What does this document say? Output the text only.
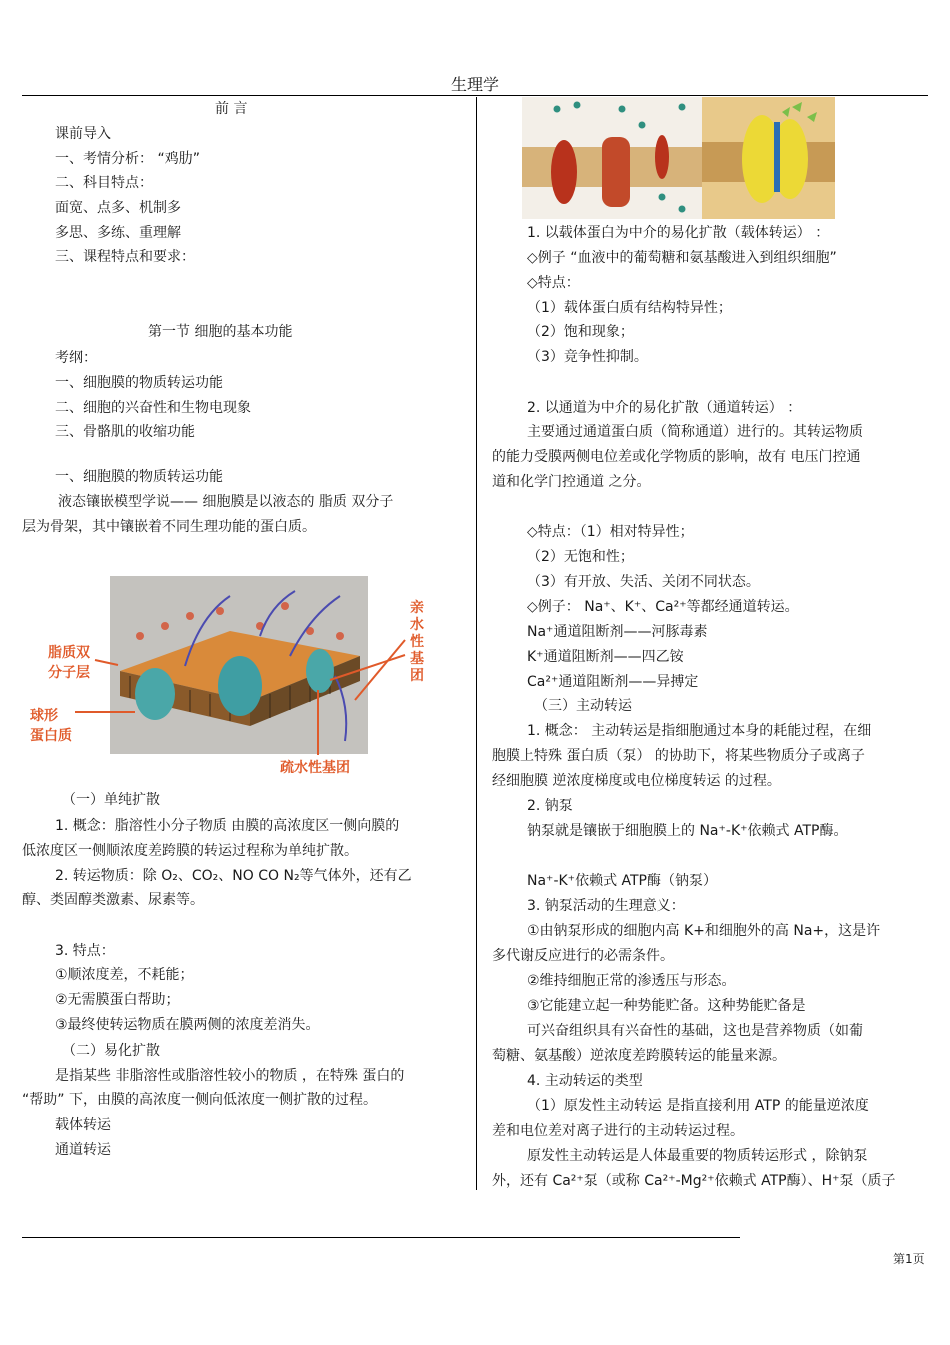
生理学
第1页
前 言
课前导入
一、考情分析： “鸡肋”
二、科目特点：
面宽、点多、机制多
多思、多练、重理解
三、课程特点和要求：
第一节 细胞的基本功能
考纲：
一、细胞膜的物质转运功能
二、细胞的兴奋性和生物电现象
三、骨骼肌的收缩功能
一、细胞膜的物质转运功能
液态镶嵌模型学说—— 细胞膜是以液态的 脂质 双分子
层为骨架，其中镶嵌着不同生理功能的蛋白质。
脂质双
分子层
球形
蛋白质
亲
水
性
基
团
疏水性基团
（一）单纯扩散
1. 概念：脂溶性小分子物质 由膜的高浓度区一侧向膜的
低浓度区一侧顺浓度差跨膜的转运过程称为单纯扩散。
2. 转运物质：除 O₂、CO₂、NO CO N₂等气体外，还有乙
醇、类固醇类激素、尿素等。
3. 特点：
①顺浓度差，不耗能；
②无需膜蛋白帮助；
③最终使转运物质在膜两侧的浓度差消失。
（二）易化扩散
是指某些 非脂溶性或脂溶性较小的物质 ，在特殊 蛋白的
“帮助” 下，由膜的高浓度一侧向低浓度一侧扩散的过程。
载体转运
通道转运
1. 以载体蛋白为中介的易化扩散（载体转运） ：
◇例子 “血液中的葡萄糖和氨基酸进入到组织细胞”
◇特点：
（1）载体蛋白质有结构特异性；
（2）饱和现象；
（3）竞争性抑制。
2. 以通道为中介的易化扩散（通道转运） ：
主要通过通道蛋白质（简称通道）进行的。其转运物质
的能力受膜两侧电位差或化学物质的影响，故有 电压门控通
道和化学门控通道 之分。
◇特点：（1）相对特异性；
（2）无饱和性；
（3）有开放、失活、关闭不同状态。
◇例子： Na⁺、K⁺、Ca²⁺等都经通道转运。
Na⁺通道阻断剂——河豚毒素
K⁺通道阻断剂——四乙铵
Ca²⁺通道阻断剂——异搏定
（三）主动转运
1. 概念： 主动转运是指细胞通过本身的耗能过程，在细
胞膜上特殊 蛋白质（泵） 的协助下，将某些物质分子或离子
经细胞膜 逆浓度梯度或电位梯度转运 的过程。
2. 钠泵
钠泵就是镶嵌于细胞膜上的 Na⁺-K⁺依赖式 ATP酶。
Na⁺-K⁺依赖式 ATP酶（钠泵）
3. 钠泵活动的生理意义：
①由钠泵形成的细胞内高 K+和细胞外的高 Na+，这是许
多代谢反应进行的必需条件。
②维持细胞正常的渗透压与形态。
③它能建立起一种势能贮备。这种势能贮备是
可兴奋组织具有兴奋性的基础，这也是营养物质（如葡
萄糖、氨基酸）逆浓度差跨膜转运的能量来源。
4. 主动转运的类型
（1）原发性主动转运 是指直接利用 ATP 的能量逆浓度
差和电位差对离子进行的主动转运过程。
原发性主动转运是人体最重要的物质转运形式 ，除钠泵
外，还有 Ca²⁺泵（或称 Ca²⁺-Mg²⁺依赖式 ATP酶）、H⁺泵（质子
